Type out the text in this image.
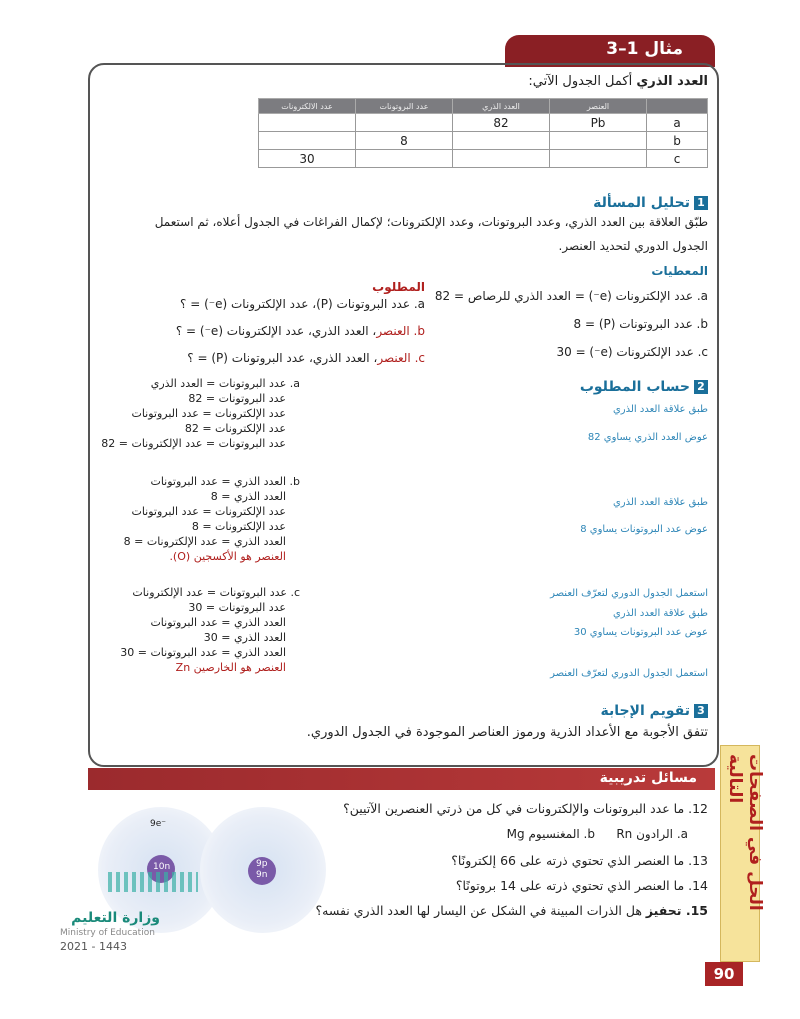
مثال 1–3
العدد الذري أكمل الجدول الآتي:
	العنصر	العدد الذري	عدد البروتونات	عدد الالكترونات
a	Pb	82		
b			8	
c				30
1تحليل المسألة
طبّق العلاقة بين العدد الذري، وعدد البروتونات، وعدد الإلكترونات؛ لإكمال الفراغات في الجدول أعلاه، ثم استعمل
الجدول الدوري لتحديد العنصر.
المعطيات
a. عدد الإلكترونات (e⁻) = العدد الذري للرصاص = 82
b. عدد البروتونات (P) = 8
c. عدد الإلكترونات (e⁻) = 30
المطلوب
a. عدد البروتونات (P)، عدد الإلكترونات (e⁻) = ؟
b. العنصر، العدد الذري، عدد الإلكترونات (e⁻) = ؟
c. العنصر، العدد الذري، عدد البروتونات (P) = ؟
2حساب المطلوب
طبق علاقة العدد الذري
عوض العدد الذري يساوي 82
طبق علاقة العدد الذري
عوض عدد البروتونات يساوي 8
استعمل الجدول الدوري لتعرّف العنصر
طبق علاقة العدد الذري
عوض عدد البروتونات يساوي 30
استعمل الجدول الدوري لتعرّف العنصر
a. عدد البروتونات = العدد الذري
عدد البروتونات = 82
عدد الإلكترونات = عدد البروتونات
عدد الإلكترونات = 82
عدد البروتونات = عدد الإلكترونات = 82
b. العدد الذري = عدد البروتونات
العدد الذري = 8
عدد الإلكترونات = عدد البروتونات
عدد الإلكترونات = 8
العدد الذري = عدد الإلكترونات = 8
العنصر هو الأكسجين (O).
c. عدد البروتونات = عدد الإلكترونات
عدد البروتونات = 30
العدد الذري = عدد البروتونات
العدد الذري = 30
العدد الذري = عدد البروتونات = 30
العنصر هو الخارصين Zn
3تقويم الإجابة
تتفق الأجوبة مع الأعداد الذرية ورموز العناصر الموجودة في الجدول الدوري.
مسائل تدريبية
12. ما عدد البروتونات والإلكترونات في كل من ذرتي العنصرين الآتيين؟
a. الرادون Rn
b. المغنسيوم Mg
13. ما العنصر الذي تحتوي ذرته على 66 إلكترونًا؟
14. ما العنصر الذي تحتوي ذرته على 14 بروتونًا؟
15. تحفيز هل الذرات المبينة في الشكل عن اليسار لها العدد الذري نفسه؟
9e⁻
10n	9p
9n
وزارة التعليم
Ministry of Education
2021 - 1443
الحل في الصفحات التالية
90
